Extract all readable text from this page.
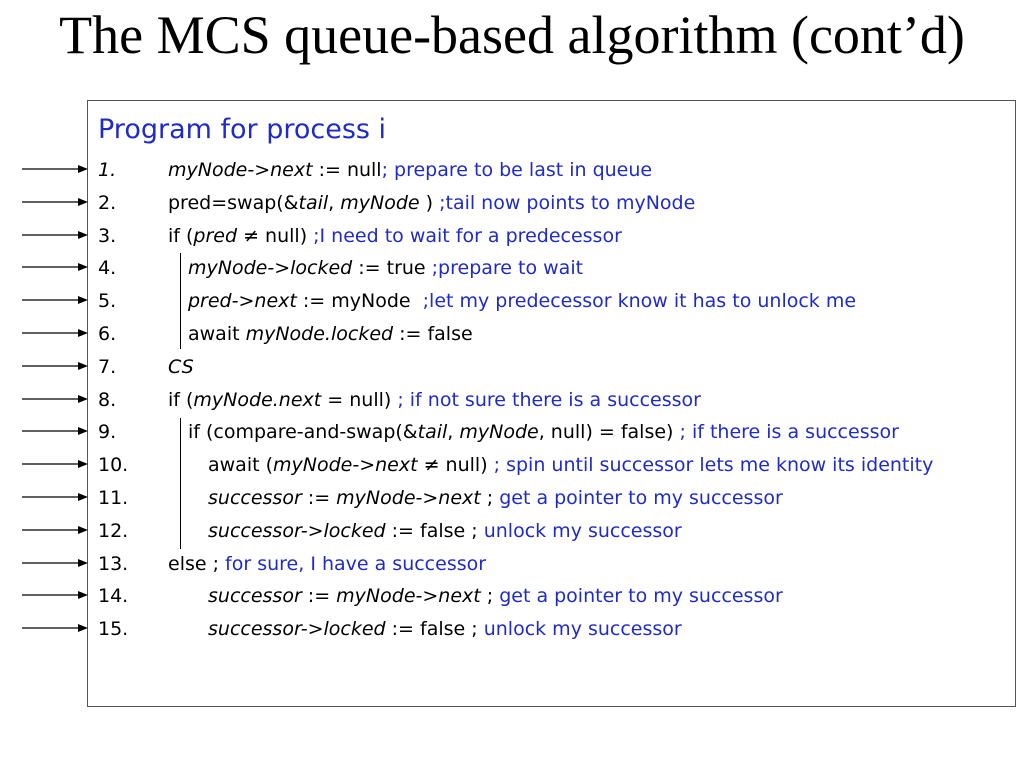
The MCS queue-based algorithm (cont’d)
Program for process i
1.	myNode->next := null; prepare to be last in queue
2.	pred=swap(&tail, myNode ) ;tail now points to myNode
3.	if (pred ≠ null) ;I need to wait for a predecessor
4.	myNode->locked := true ;prepare to wait
5.	pred->next := myNode  ;let my predecessor know it has to unlock me
6.	await myNode.locked := false
7.	CS
8.	if (myNode.next = null) ; if not sure there is a successor
9.	if (compare-and-swap(&tail, myNode, null) = false) ; if there is a successor
10.	await (myNode->next ≠ null) ; spin until successor lets me know its identity
11.	successor := myNode->next ; get a pointer to my successor
12.	successor->locked := false ; unlock my successor
13. else ; for sure, I have a successor
14.	successor := myNode->next ; get a pointer to my successor
15.	successor->locked := false ; unlock my successor
